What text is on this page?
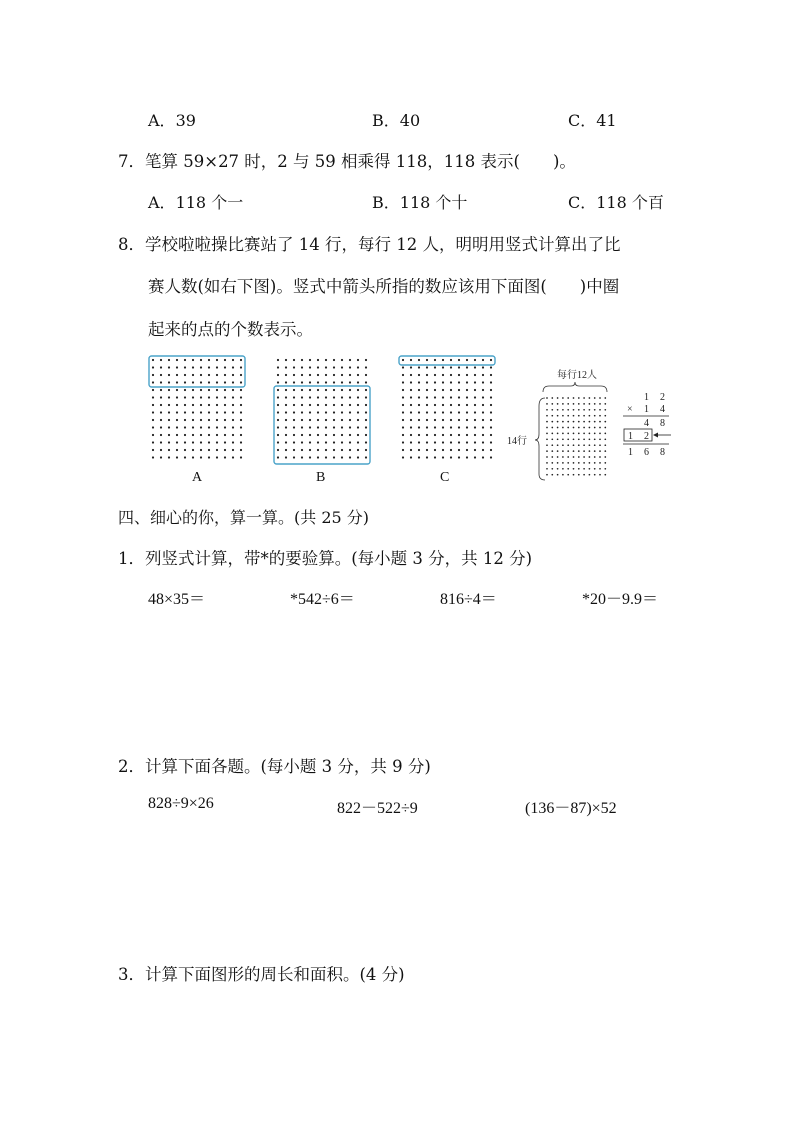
A．39	B．40	C．41
7．笔算 59×27 时，2 与 59 相乘得 118，118 表示(　　)。
A．118 个一	B．118 个十	C．118 个百
8．学校啦啦操比赛站了 14 行，每行 12 人，明明用竖式计算出了比
赛人数(如右下图)。竖式中箭头所指的数应该用下面图(　　)中圈
起来的点的个数表示。
A	B	C
每行12人
14行
1 2
× 1 4
4 8
1 2
1 6 8
四、细心的你，算一算。(共 25 分)
1．列竖式计算，带*的要验算。(每小题 3 分，共 12 分)
48×35＝	*542÷6＝	816÷4＝	*20－9.9＝
2．计算下面各题。(每小题 3 分，共 9 分)
828÷9×26	822－522÷9	(136－87)×52
3．计算下面图形的周长和面积。(4 分)
